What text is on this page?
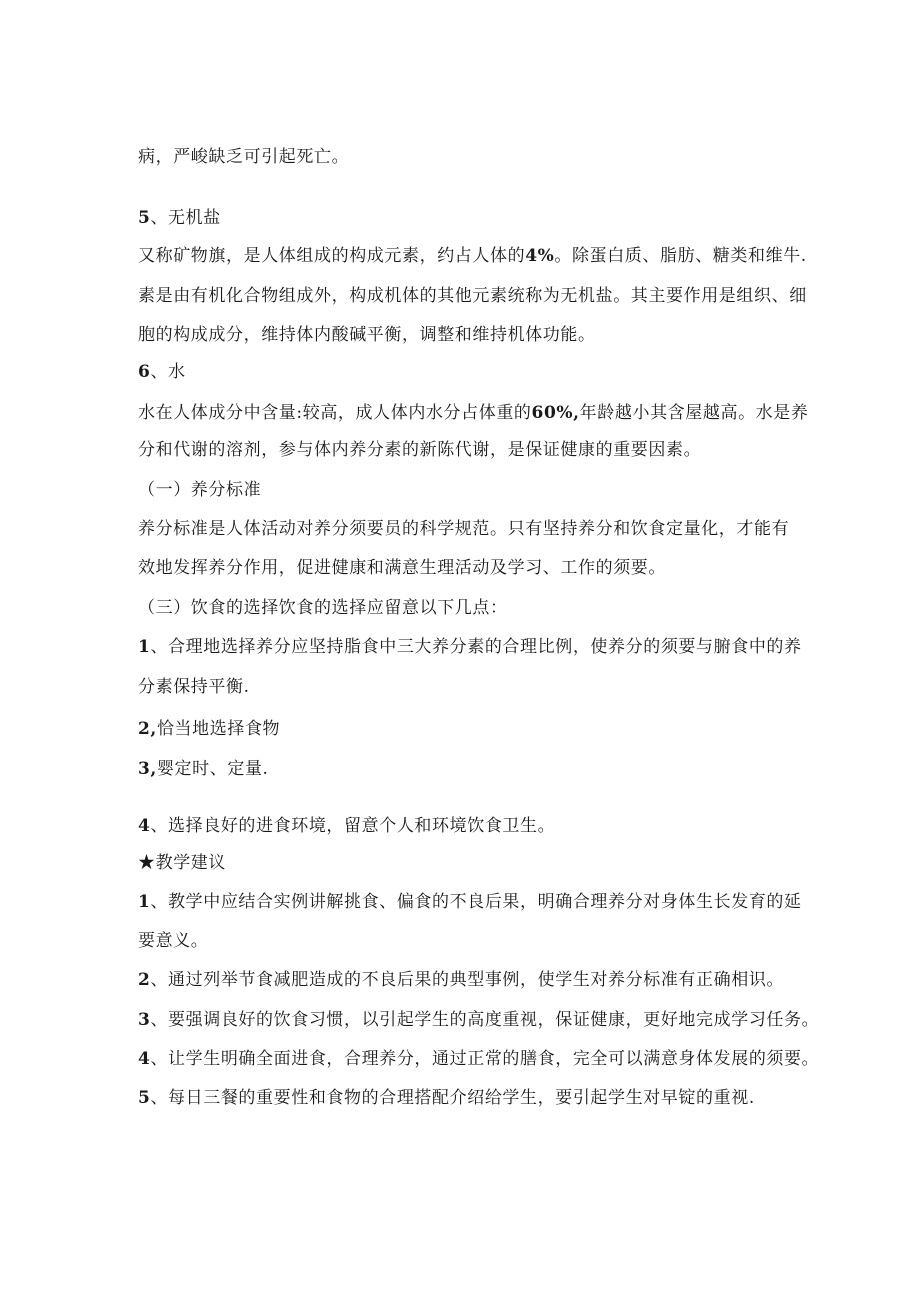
病，严峻缺乏可引起死亡。

5、无机盐

又称矿物旗，是人体组成的构成元素，约占人体的4%。除蛋白质、脂肪、糖类和维牛.

素是由有机化合物组成外，构成机体的其他元素统称为无机盐。其主要作用是组织、细

胞的构成成分，维持体内酸碱平衡，调整和维持机体功能。

6、水

水在人体成分中含量:较高，成人体内水分占体重的60%,年龄越小其含屋越高。水是养

分和代谢的溶剂，参与体内养分素的新陈代谢，是保证健康的重要因素。

（一）养分标准

养分标准是人体活动对养分须要员的科学规范。只有坚持养分和饮食定量化，才能有

效地发挥养分作用，促进健康和满意生理活动及学习、工作的须要。

（三）饮食的选择饮食的选择应留意以下几点：

1、合理地选择养分应坚持脂食中三大养分素的合理比例，使养分的须要与腑食中的养

分素保持平衡.

2,恰当地选择食物

3,婴定时、定量.

4、选择良好的进食环境，留意个人和环境饮食卫生。

★教学建议

1、教学中应结合实例讲解挑食、偏食的不良后果，明确合理养分对身体生长发育的延

要意义。

2、通过列举节食减肥造成的不良后果的典型事例，使学生对养分标准有正确相识。

3、要强调良好的饮食习惯，以引起学生的高度重视，保证健康，更好地完成学习任务。

4、让学生明确全面进食，合理养分，通过正常的膳食，完全可以满意身体发展的须要。

5、每日三餐的重要性和食物的合理搭配介绍给学生，要引起学生对早锭的重视.
